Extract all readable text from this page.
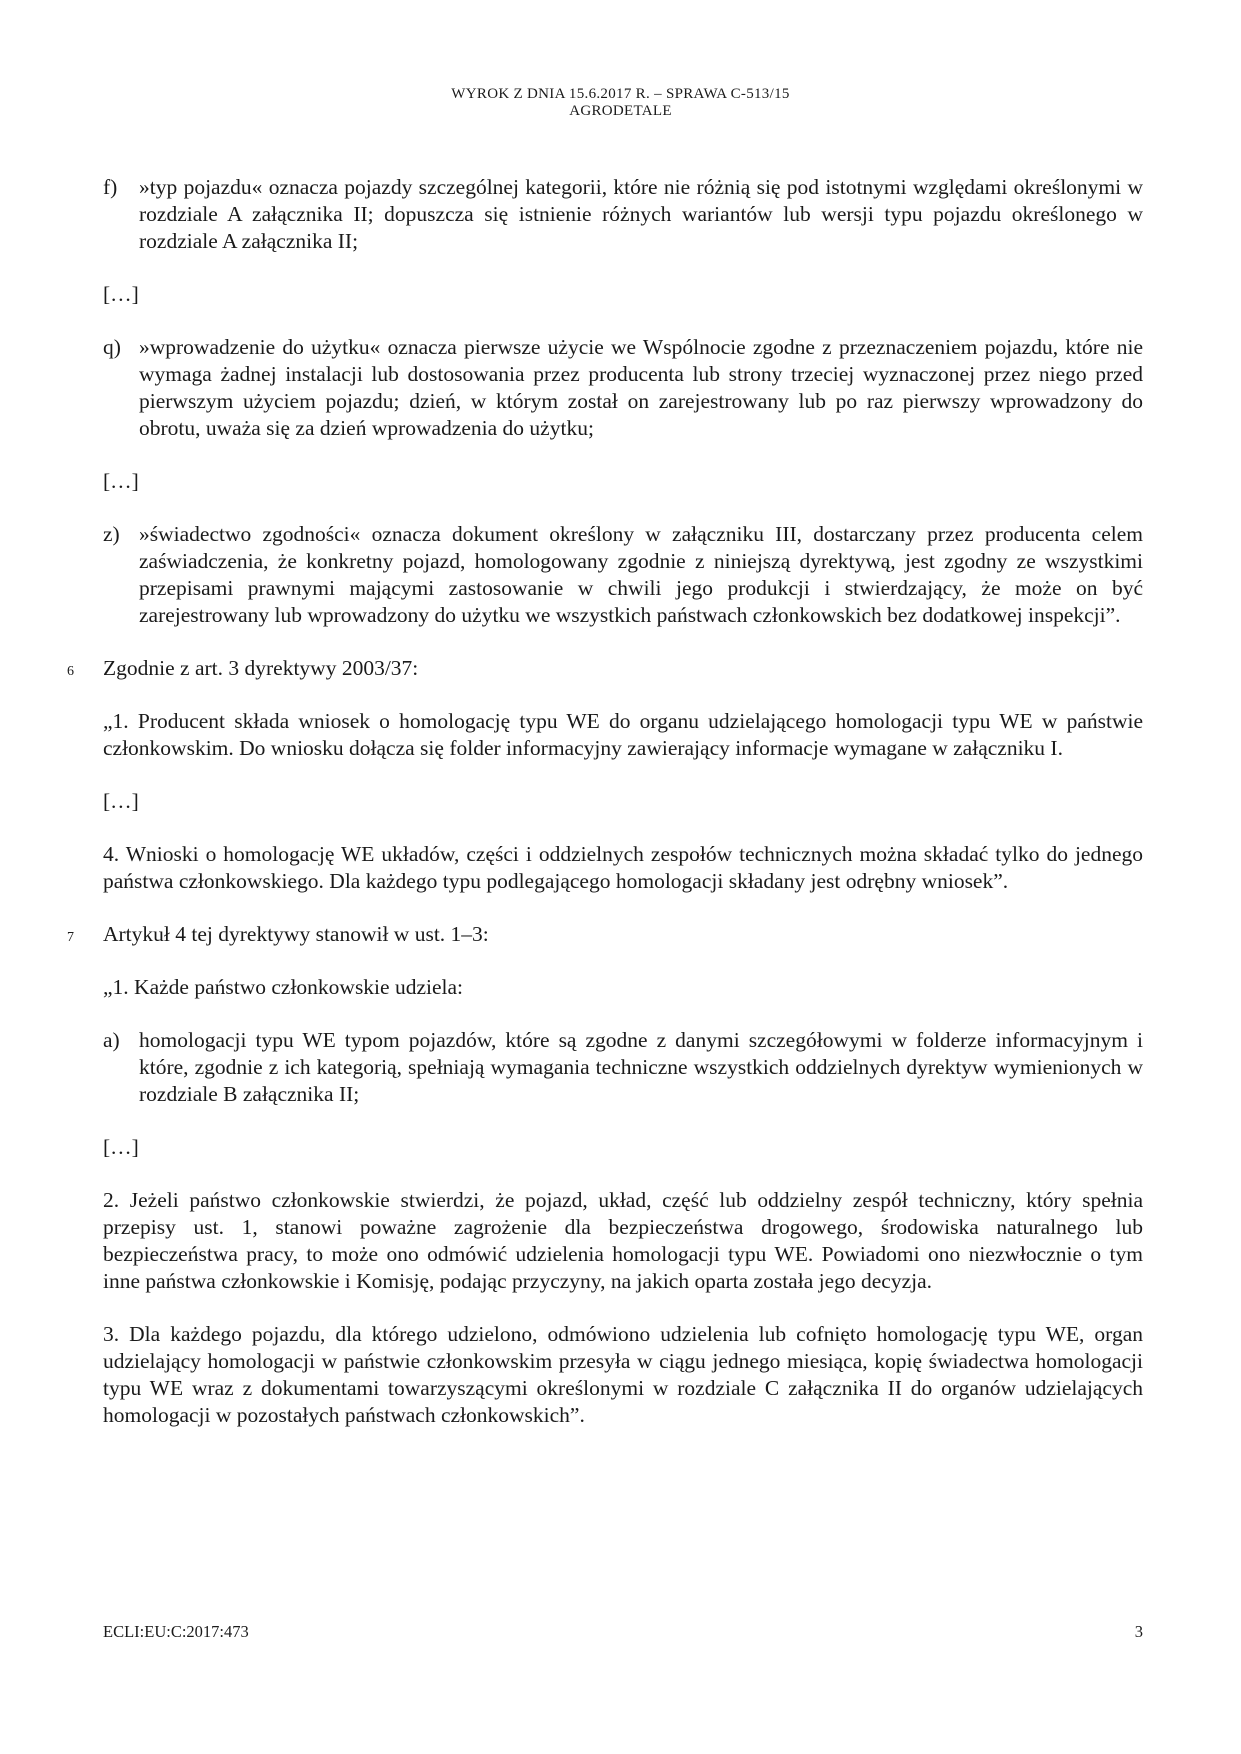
WYROK Z DNIA 15.6.2017 R. – SPRAWA C-513/15
AGRODETALE
f)	»typ pojazdu« oznacza pojazdy szczególnej kategorii, które nie różnią się pod istotnymi względami określonymi w rozdziale A załącznika II; dopuszcza się istnienie różnych wariantów lub wersji typu pojazdu określonego w rozdziale A załącznika II;
[…]
q) »wprowadzenie do użytku« oznacza pierwsze użycie we Wspólnocie zgodne z przeznaczeniem pojazdu, które nie wymaga żadnej instalacji lub dostosowania przez producenta lub strony trzeciej wyznaczonej przez niego przed pierwszym użyciem pojazdu; dzień, w którym został on zarejestrowany lub po raz pierwszy wprowadzony do obrotu, uważa się za dzień wprowadzenia do użytku;
[…]
z) »świadectwo zgodności« oznacza dokument określony w załączniku III, dostarczany przez producenta celem zaświadczenia, że konkretny pojazd, homologowany zgodnie z niniejszą dyrektywą, jest zgodny ze wszystkimi przepisami prawnymi mającymi zastosowanie w chwili jego produkcji i stwierdzający, że może on być zarejestrowany lub wprowadzony do użytku we wszystkich państwach członkowskich bez dodatkowej inspekcji”.
6 Zgodnie z art. 3 dyrektywy 2003/37:
„1. Producent składa wniosek o homologację typu WE do organu udzielającego homologacji typu WE w państwie członkowskim. Do wniosku dołącza się folder informacyjny zawierający informacje wymagane w załączniku I.
[…]
4. Wnioski o homologację WE układów, części i oddzielnych zespołów technicznych można składać tylko do jednego państwa członkowskiego. Dla każdego typu podlegającego homologacji składany jest odrębny wniosek”.
7 Artykuł 4 tej dyrektywy stanowił w ust. 1–3:
„1. Każde państwo członkowskie udziela:
a) homologacji typu WE typom pojazdów, które są zgodne z danymi szczegółowymi w folderze informacyjnym i które, zgodnie z ich kategorią, spełniają wymagania techniczne wszystkich oddzielnych dyrektyw wymienionych w rozdziale B załącznika II;
[…]
2. Jeżeli państwo członkowskie stwierdzi, że pojazd, układ, część lub oddzielny zespół techniczny, który spełnia przepisy ust. 1, stanowi poważne zagrożenie dla bezpieczeństwa drogowego, środowiska naturalnego lub bezpieczeństwa pracy, to może ono odmówić udzielenia homologacji typu WE. Powiadomi ono niezwłocznie o tym inne państwa członkowskie i Komisję, podając przyczyny, na jakich oparta została jego decyzja.
3. Dla każdego pojazdu, dla którego udzielono, odmówiono udzielenia lub cofnięto homologację typu WE, organ udzielający homologacji w państwie członkowskim przesyła w ciągu jednego miesiąca, kopię świadectwa homologacji typu WE wraz z dokumentami towarzyszącymi określonymi w rozdziale C załącznika II do organów udzielających homologacji w pozostałych państwach członkowskich”.
ECLI:EU:C:2017:473	3
